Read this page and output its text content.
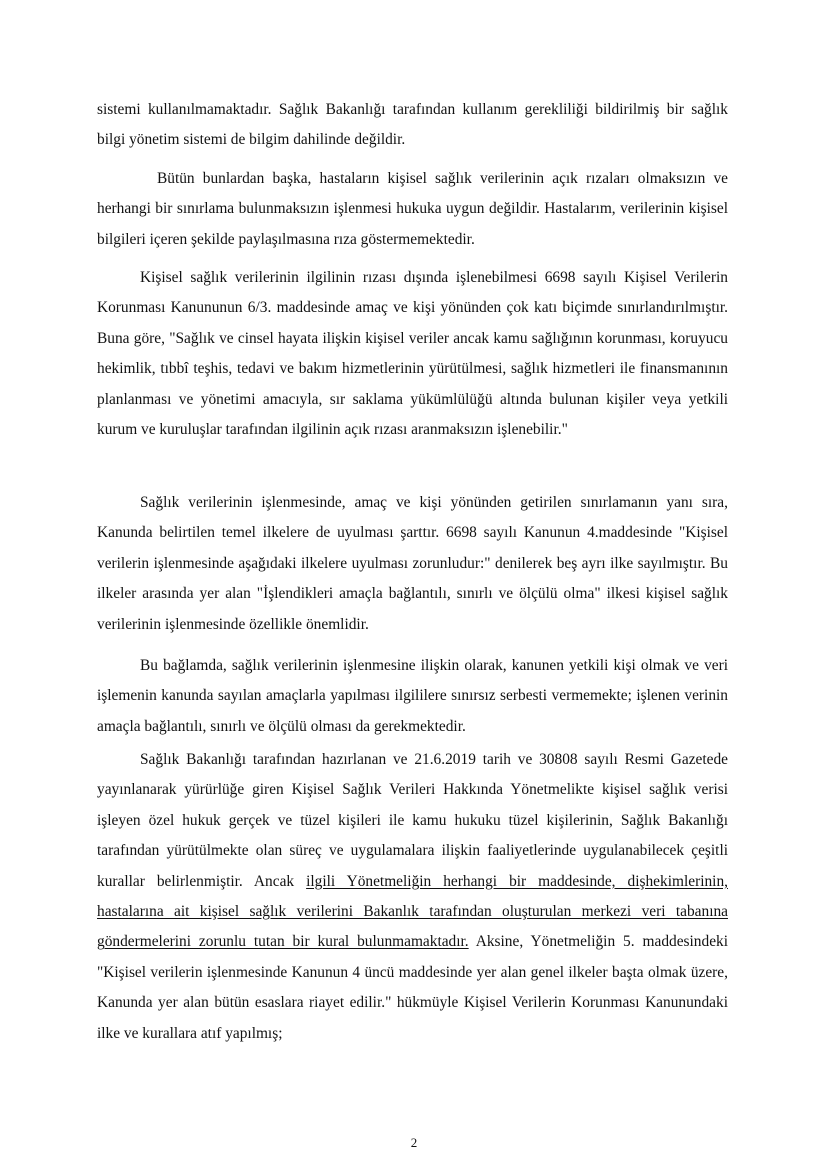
sistemi kullanılmamaktadır. Sağlık Bakanlığı tarafından kullanım gerekliliği bildirilmiş bir sağlık bilgi yönetim sistemi de bilgim dahilinde değildir.

Bütün bunlardan başka, hastaların kişisel sağlık verilerinin açık rızaları olmaksızın ve herhangi bir sınırlama bulunmaksızın işlenmesi hukuka uygun değildir. Hastalarım, verilerinin kişisel bilgileri içeren şekilde paylaşılmasına rıza göstermemektedir.

Kişisel sağlık verilerinin ilgilinin rızası dışında işlenebilmesi 6698 sayılı Kişisel Verilerin Korunması Kanununun 6/3. maddesinde amaç ve kişi yönünden çok katı biçimde sınırlandırılmıştır. Buna göre, "Sağlık ve cinsel hayata ilişkin kişisel veriler ancak kamu sağlığının korunması, koruyucu hekimlik, tıbbî teşhis, tedavi ve bakım hizmetlerinin yürütülmesi, sağlık hizmetleri ile finansmanının planlanması ve yönetimi amacıyla, sır saklama yükümlülüğü altında bulunan kişiler veya yetkili kurum ve kuruluşlar tarafından ilgilinin açık rızası aranmaksızın işlenebilir."

Sağlık verilerinin işlenmesinde, amaç ve kişi yönünden getirilen sınırlamanın yanı sıra, Kanunda belirtilen temel ilkelere de uyulması şarttır. 6698 sayılı Kanunun 4.maddesinde "Kişisel verilerin işlenmesinde aşağıdaki ilkelere uyulması zorunludur:" denilerek beş ayrı ilke sayılmıştır. Bu ilkeler arasında yer alan "İşlendikleri amaçla bağlantılı, sınırlı ve ölçülü olma" ilkesi kişisel sağlık verilerinin işlenmesinde özellikle önemlidir.

Bu bağlamda, sağlık verilerinin işlenmesine ilişkin olarak, kanunen yetkili kişi olmak ve veri işlemenin kanunda sayılan amaçlarla yapılması ilgililere sınırsız serbesti vermemekte; işlenen verinin amaçla bağlantılı, sınırlı ve ölçülü olması da gerekmektedir.

Sağlık Bakanlığı tarafından hazırlanan ve 21.6.2019 tarih ve 30808 sayılı Resmi Gazetede yayınlanarak yürürlüğe giren Kişisel Sağlık Verileri Hakkında Yönetmelikte kişisel sağlık verisi işleyen özel hukuk gerçek ve tüzel kişileri ile kamu hukuku tüzel kişilerinin, Sağlık Bakanlığı tarafından yürütülmekte olan süreç ve uygulamalara ilişkin faaliyetlerinde uygulanabilecek çeşitli kurallar belirlenmiştir. Ancak ilgili Yönetmeliğin herhangi bir maddesinde, dişhekimlerinin, hastalarına ait kişisel sağlık verilerini Bakanlık tarafından oluşturulan merkezi veri tabanına göndermelerini zorunlu tutan bir kural bulunmamaktadır. Aksine, Yönetmeliğin 5. maddesindeki "Kişisel verilerin işlenmesinde Kanunun 4 üncü maddesinde yer alan genel ilkeler başta olmak üzere, Kanunda yer alan bütün esaslara riayet edilir." hükmüyle Kişisel Verilerin Korunması Kanunundaki ilke ve kurallara atıf yapılmış;

2
